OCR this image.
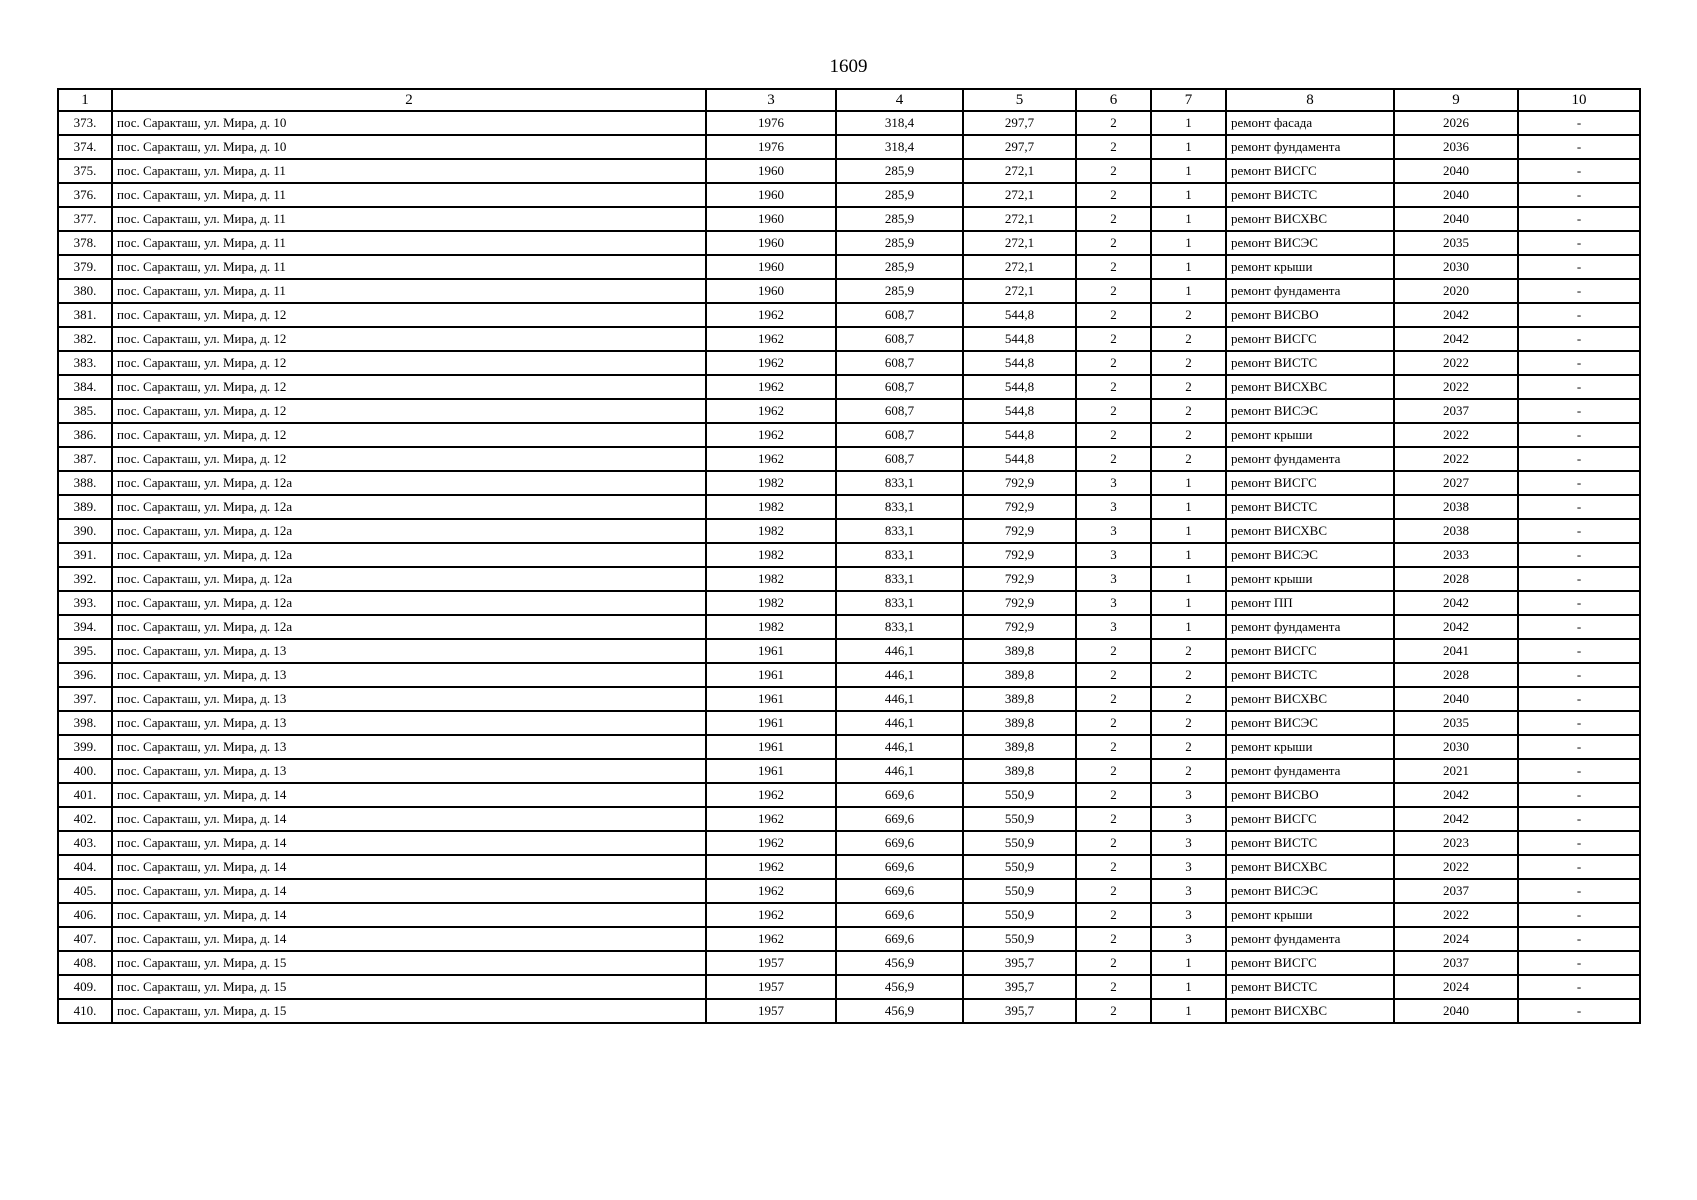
1609
1	2	3	4	5	6	7	8	9	10
373.	пос. Саракташ, ул. Мира, д. 10	1976	318,4	297,7	2	1	ремонт фасада	2026	-
374.	пос. Саракташ, ул. Мира, д. 10	1976	318,4	297,7	2	1	ремонт фундамента	2036	-
375.	пос. Саракташ, ул. Мира, д. 11	1960	285,9	272,1	2	1	ремонт ВИСГС	2040	-
376.	пос. Саракташ, ул. Мира, д. 11	1960	285,9	272,1	2	1	ремонт ВИСТС	2040	-
377.	пос. Саракташ, ул. Мира, д. 11	1960	285,9	272,1	2	1	ремонт ВИСХВС	2040	-
378.	пос. Саракташ, ул. Мира, д. 11	1960	285,9	272,1	2	1	ремонт ВИСЭС	2035	-
379.	пос. Саракташ, ул. Мира, д. 11	1960	285,9	272,1	2	1	ремонт крыши	2030	-
380.	пос. Саракташ, ул. Мира, д. 11	1960	285,9	272,1	2	1	ремонт фундамента	2020	-
381.	пос. Саракташ, ул. Мира, д. 12	1962	608,7	544,8	2	2	ремонт ВИСВО	2042	-
382.	пос. Саракташ, ул. Мира, д. 12	1962	608,7	544,8	2	2	ремонт ВИСГС	2042	-
383.	пос. Саракташ, ул. Мира, д. 12	1962	608,7	544,8	2	2	ремонт ВИСТС	2022	-
384.	пос. Саракташ, ул. Мира, д. 12	1962	608,7	544,8	2	2	ремонт ВИСХВС	2022	-
385.	пос. Саракташ, ул. Мира, д. 12	1962	608,7	544,8	2	2	ремонт ВИСЭС	2037	-
386.	пос. Саракташ, ул. Мира, д. 12	1962	608,7	544,8	2	2	ремонт крыши	2022	-
387.	пос. Саракташ, ул. Мира, д. 12	1962	608,7	544,8	2	2	ремонт фундамента	2022	-
388.	пос. Саракташ, ул. Мира, д. 12а	1982	833,1	792,9	3	1	ремонт ВИСГС	2027	-
389.	пос. Саракташ, ул. Мира, д. 12а	1982	833,1	792,9	3	1	ремонт ВИСТС	2038	-
390.	пос. Саракташ, ул. Мира, д. 12а	1982	833,1	792,9	3	1	ремонт ВИСХВС	2038	-
391.	пос. Саракташ, ул. Мира, д. 12а	1982	833,1	792,9	3	1	ремонт ВИСЭС	2033	-
392.	пос. Саракташ, ул. Мира, д. 12а	1982	833,1	792,9	3	1	ремонт крыши	2028	-
393.	пос. Саракташ, ул. Мира, д. 12а	1982	833,1	792,9	3	1	ремонт ПП	2042	-
394.	пос. Саракташ, ул. Мира, д. 12а	1982	833,1	792,9	3	1	ремонт фундамента	2042	-
395.	пос. Саракташ, ул. Мира, д. 13	1961	446,1	389,8	2	2	ремонт ВИСГС	2041	-
396.	пос. Саракташ, ул. Мира, д. 13	1961	446,1	389,8	2	2	ремонт ВИСТС	2028	-
397.	пос. Саракташ, ул. Мира, д. 13	1961	446,1	389,8	2	2	ремонт ВИСХВС	2040	-
398.	пос. Саракташ, ул. Мира, д. 13	1961	446,1	389,8	2	2	ремонт ВИСЭС	2035	-
399.	пос. Саракташ, ул. Мира, д. 13	1961	446,1	389,8	2	2	ремонт крыши	2030	-
400.	пос. Саракташ, ул. Мира, д. 13	1961	446,1	389,8	2	2	ремонт фундамента	2021	-
401.	пос. Саракташ, ул. Мира, д. 14	1962	669,6	550,9	2	3	ремонт ВИСВО	2042	-
402.	пос. Саракташ, ул. Мира, д. 14	1962	669,6	550,9	2	3	ремонт ВИСГС	2042	-
403.	пос. Саракташ, ул. Мира, д. 14	1962	669,6	550,9	2	3	ремонт ВИСТС	2023	-
404.	пос. Саракташ, ул. Мира, д. 14	1962	669,6	550,9	2	3	ремонт ВИСХВС	2022	-
405.	пос. Саракташ, ул. Мира, д. 14	1962	669,6	550,9	2	3	ремонт ВИСЭС	2037	-
406.	пос. Саракташ, ул. Мира, д. 14	1962	669,6	550,9	2	3	ремонт крыши	2022	-
407.	пос. Саракташ, ул. Мира, д. 14	1962	669,6	550,9	2	3	ремонт фундамента	2024	-
408.	пос. Саракташ, ул. Мира, д. 15	1957	456,9	395,7	2	1	ремонт ВИСГС	2037	-
409.	пос. Саракташ, ул. Мира, д. 15	1957	456,9	395,7	2	1	ремонт ВИСТС	2024	-
410.	пос. Саракташ, ул. Мира, д. 15	1957	456,9	395,7	2	1	ремонт ВИСХВС	2040	-
